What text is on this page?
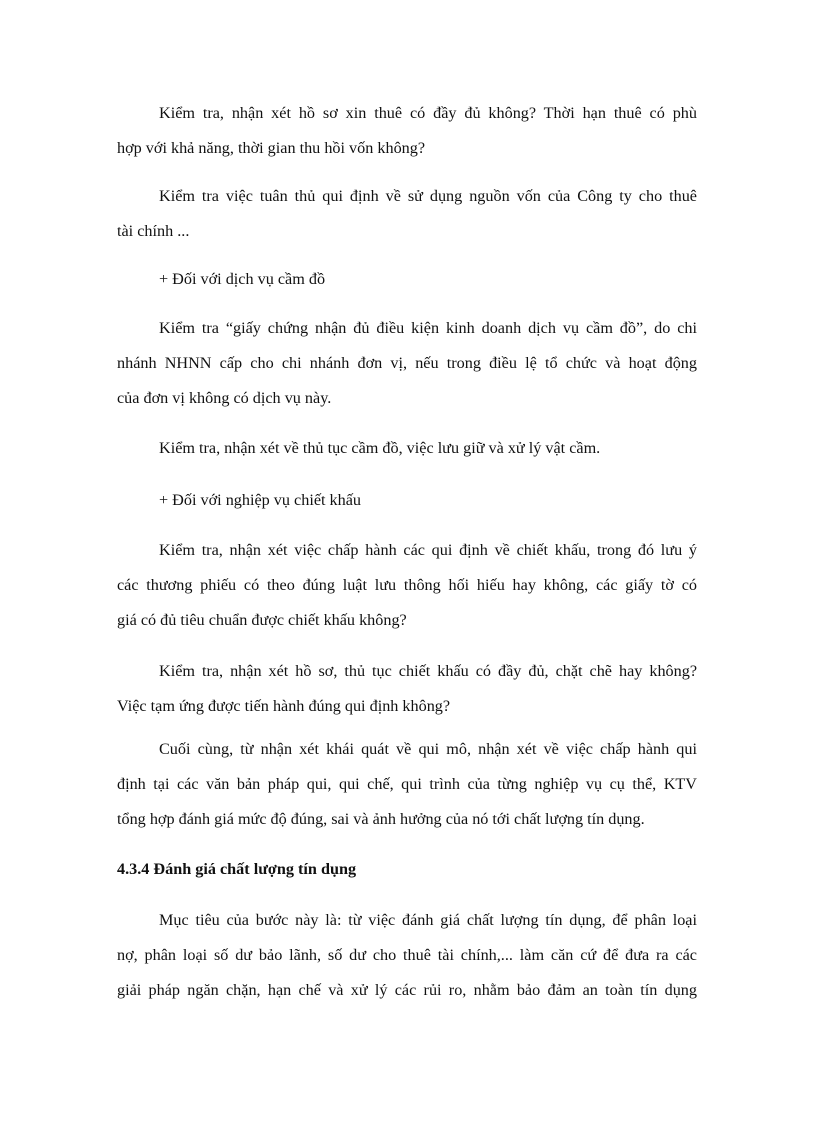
Kiểm tra, nhận xét hồ sơ xin thuê có đầy đủ không? Thời hạn thuê có phù
hợp với khả năng, thời gian thu hồi vốn không?
Kiểm tra việc tuân thủ qui định về sử dụng nguồn vốn của Công ty cho thuê
tài chính ...
+ Đối với dịch vụ cầm đồ
Kiểm tra “giấy chứng nhận đủ điều kiện kinh doanh dịch vụ cầm đồ”, do chi
nhánh NHNN cấp cho chi nhánh đơn vị, nếu trong điều lệ tổ chức và hoạt động
của đơn vị không có dịch vụ này.
Kiểm tra, nhận xét về thủ tục cầm đồ, việc lưu giữ và xử lý vật cầm.
+ Đối với nghiệp vụ chiết khấu
Kiểm tra, nhận xét việc chấp hành các qui định về chiết khấu, trong đó lưu ý
các thương phiếu có theo đúng luật lưu thông hối hiếu hay không, các giấy tờ có
giá có đủ tiêu chuẩn được chiết khấu không?
Kiểm tra, nhận xét hồ sơ, thủ tục chiết khấu có đầy đủ, chặt chẽ hay không?
Việc tạm ứng được tiến hành đúng qui định không?
Cuối cùng, từ nhận xét khái quát về qui mô, nhận xét về việc chấp hành qui
định tại các văn bản pháp qui, qui chế, qui trình của từng nghiệp vụ cụ thể, KTV
tổng hợp đánh giá mức độ đúng, sai và ảnh hưởng của nó tới chất lượng tín dụng.
4.3.4 Đánh giá chất lượng tín dụng
Mục tiêu của bước này là: từ việc đánh giá chất lượng tín dụng, để phân loại
nợ, phân loại số dư bảo lãnh, số dư cho thuê tài chính,... làm căn cứ để đưa ra các
giải pháp ngăn chặn, hạn chế và xử lý các rủi ro, nhằm bảo đảm an toàn tín dụng
